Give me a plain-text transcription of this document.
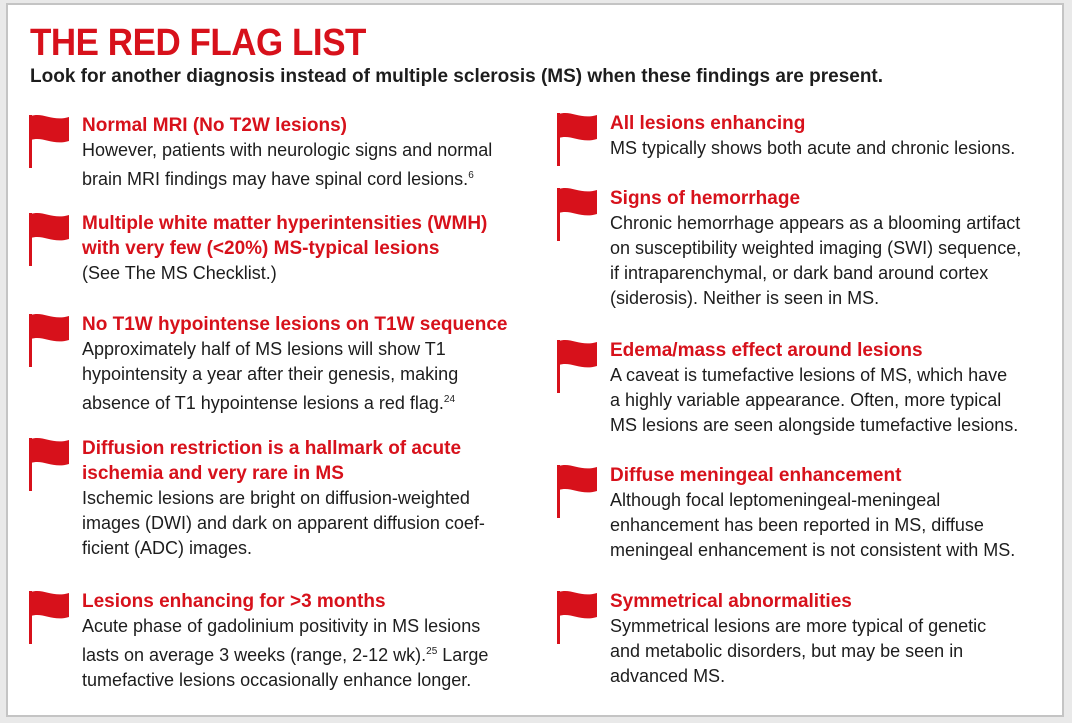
THE RED FLAG LIST
Look for another diagnosis instead of multiple sclerosis (MS) when these findings are present.
Normal MRI (No T2W lesions)
However, patients with neurologic signs and normal
brain MRI findings may have spinal cord lesions.$^6$
Multiple white matter hyperintensities (WMH)
with very few (<20%) MS-typical lesions
(See The MS Checklist.)
No T1W hypointense lesions on T1W sequence
Approximately half of MS lesions will show T1
hypointensity a year after their genesis, making
absence of T1 hypointense lesions a red flag.$^{24}$
Diffusion restriction is a hallmark of acute
ischemia and very rare in MS
Ischemic lesions are bright on diffusion-weighted
images (DWI) and dark on apparent diffusion coef-
ficient (ADC) images.
Lesions enhancing for >3 months
Acute phase of gadolinium positivity in MS lesions
lasts on average 3 weeks (range, 2-12 wk).$^{25}$ Large
tumefactive lesions occasionally enhance longer.
All lesions enhancing
MS typically shows both acute and chronic lesions.
Signs of hemorrhage
Chronic hemorrhage appears as a blooming artifact
on susceptibility weighted imaging (SWI) sequence,
if intraparenchymal, or dark band around cortex
(siderosis). Neither is seen in MS.
Edema/mass effect around lesions
A caveat is tumefactive lesions of MS, which have
a highly variable appearance. Often, more typical
MS lesions are seen alongside tumefactive lesions.
Diffuse meningeal enhancement
Although focal leptomeningeal-meningeal
enhancement has been reported in MS, diffuse
meningeal enhancement is not consistent with MS.
Symmetrical abnormalities
Symmetrical lesions are more typical of genetic
and metabolic disorders, but may be seen in
advanced MS.
